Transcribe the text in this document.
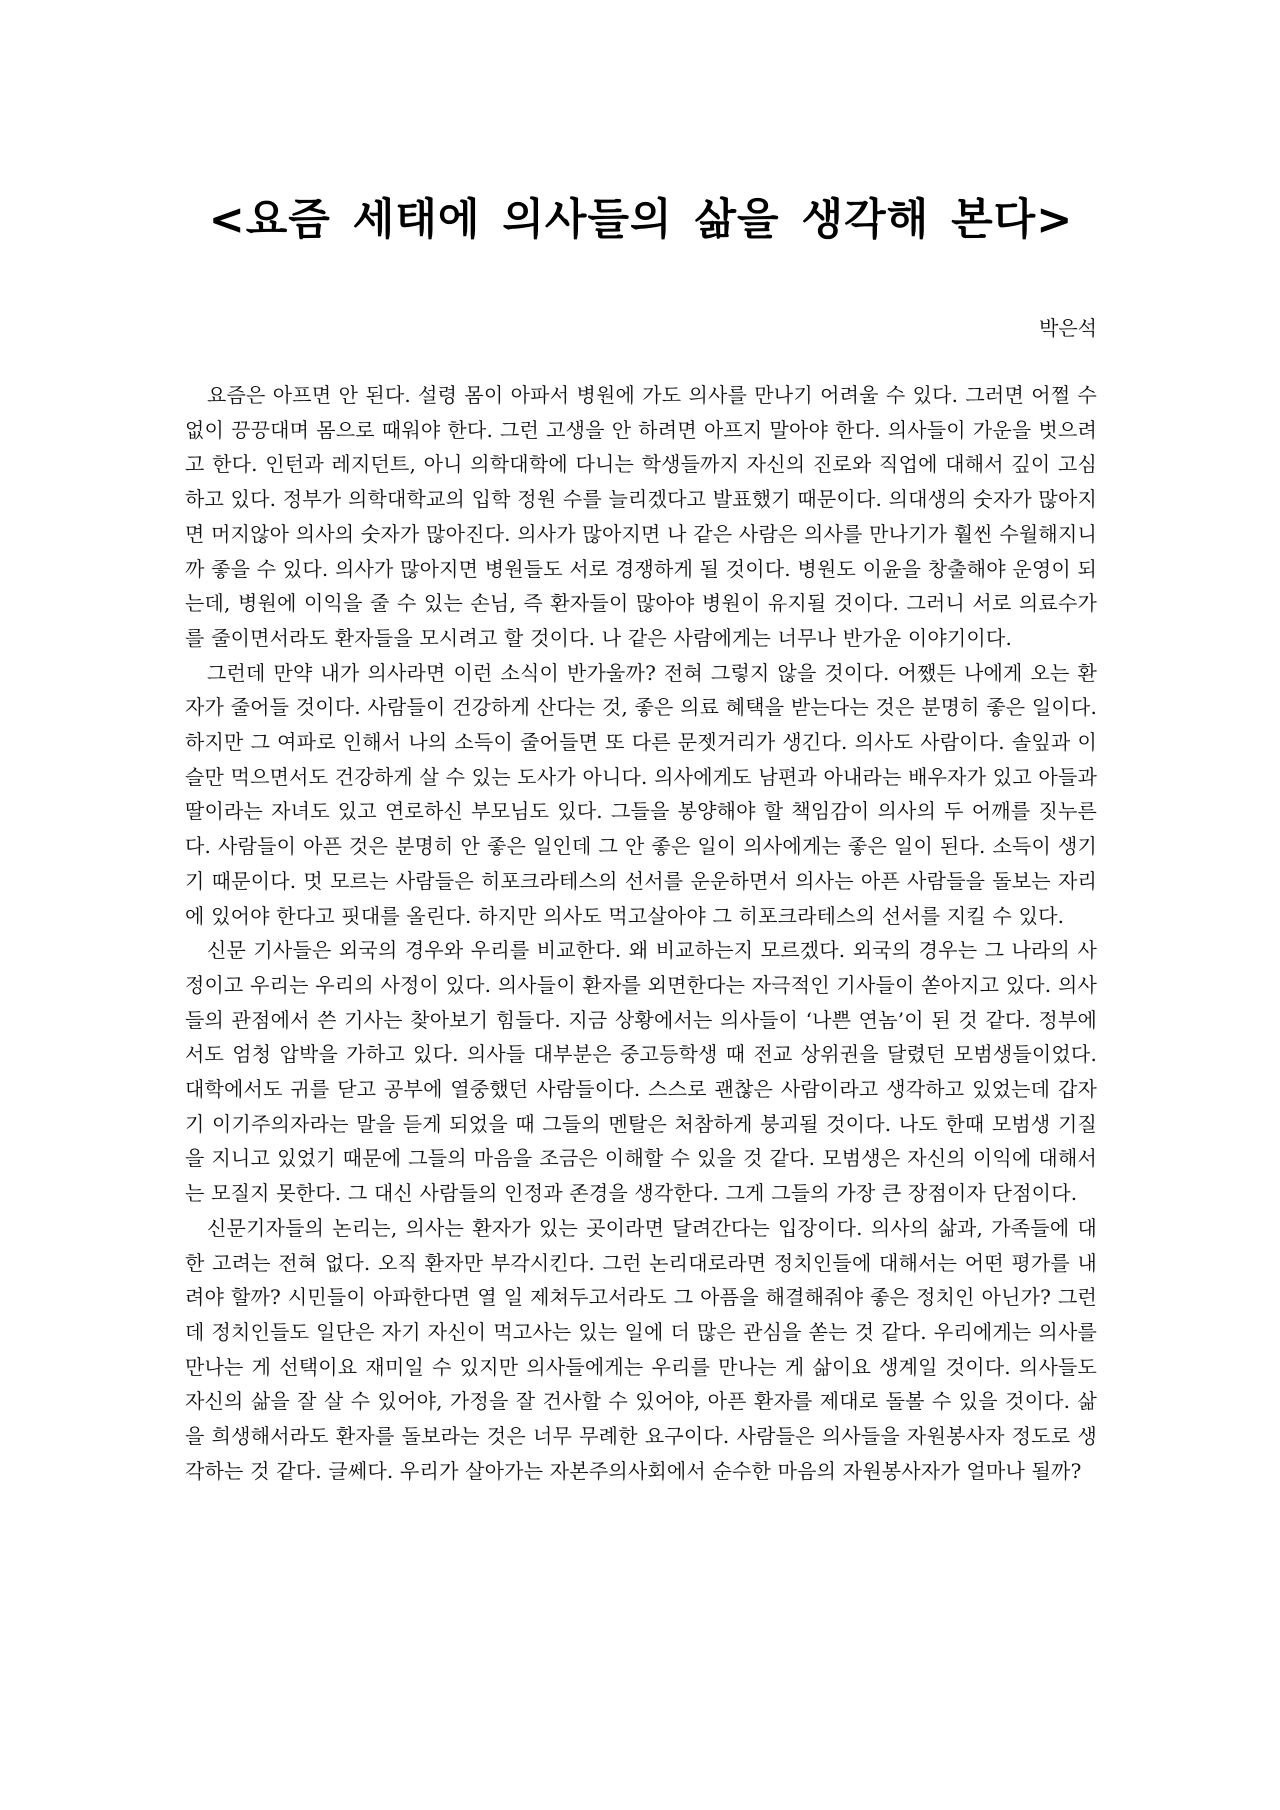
<요즘 세태에 의사들의 삶을 생각해 본다>

박은석

요즘은 아프면 안 된다. 설령 몸이 아파서 병원에 가도 의사를 만나기 어려울 수 있다. 그러면 어쩔 수 없이 끙끙대며 몸으로 때워야 한다. 그런 고생을 안 하려면 아프지 말아야 한다. 의사들이 가운을 벗으려고 한다. 인턴과 레지던트, 아니 의학대학에 다니는 학생들까지 자신의 진로와 직업에 대해서 깊이 고심하고 있다. 정부가 의학대학교의 입학 정원 수를 늘리겠다고 발표했기 때문이다. 의대생의 숫자가 많아지면 머지않아 의사의 숫자가 많아진다. 의사가 많아지면 나 같은 사람은 의사를 만나기가 훨씬 수월해지니까 좋을 수 있다. 의사가 많아지면 병원들도 서로 경쟁하게 될 것이다. 병원도 이윤을 창출해야 운영이 되는데, 병원에 이익을 줄 수 있는 손님, 즉 환자들이 많아야 병원이 유지될 것이다. 그러니 서로 의료수가를 줄이면서라도 환자들을 모시려고 할 것이다. 나 같은 사람에게는 너무나 반가운 이야기이다.

그런데 만약 내가 의사라면 이런 소식이 반가울까? 전혀 그렇지 않을 것이다. 어쨌든 나에게 오는 환자가 줄어들 것이다. 사람들이 건강하게 산다는 것, 좋은 의료 혜택을 받는다는 것은 분명히 좋은 일이다. 하지만 그 여파로 인해서 나의 소득이 줄어들면 또 다른 문젯거리가 생긴다. 의사도 사람이다. 솔잎과 이슬만 먹으면서도 건강하게 살 수 있는 도사가 아니다. 의사에게도 남편과 아내라는 배우자가 있고 아들과 딸이라는 자녀도 있고 연로하신 부모님도 있다. 그들을 봉양해야 할 책임감이 의사의 두 어깨를 짓누른다. 사람들이 아픈 것은 분명히 안 좋은 일인데 그 안 좋은 일이 의사에게는 좋은 일이 된다. 소득이 생기기 때문이다. 멋 모르는 사람들은 히포크라테스의 선서를 운운하면서 의사는 아픈 사람들을 돌보는 자리에 있어야 한다고 핏대를 올린다. 하지만 의사도 먹고살아야 그 히포크라테스의 선서를 지킬 수 있다.

신문 기사들은 외국의 경우와 우리를 비교한다. 왜 비교하는지 모르겠다. 외국의 경우는 그 나라의 사정이고 우리는 우리의 사정이 있다. 의사들이 환자를 외면한다는 자극적인 기사들이 쏟아지고 있다. 의사들의 관점에서 쓴 기사는 찾아보기 힘들다. 지금 상황에서는 의사들이 ‘나쁜 연놈’이 된 것 같다. 정부에서도 엄청 압박을 가하고 있다. 의사들 대부분은 중고등학생 때 전교 상위권을 달렸던 모범생들이었다. 대학에서도 귀를 닫고 공부에 열중했던 사람들이다. 스스로 괜찮은 사람이라고 생각하고 있었는데 갑자기 이기주의자라는 말을 듣게 되었을 때 그들의 멘탈은 처참하게 붕괴될 것이다. 나도 한때 모범생 기질을 지니고 있었기 때문에 그들의 마음을 조금은 이해할 수 있을 것 같다. 모범생은 자신의 이익에 대해서는 모질지 못한다. 그 대신 사람들의 인정과 존경을 생각한다. 그게 그들의 가장 큰 장점이자 단점이다.

신문기자들의 논리는, 의사는 환자가 있는 곳이라면 달려간다는 입장이다. 의사의 삶과, 가족들에 대한 고려는 전혀 없다. 오직 환자만 부각시킨다. 그런 논리대로라면 정치인들에 대해서는 어떤 평가를 내려야 할까? 시민들이 아파한다면 열 일 제쳐두고서라도 그 아픔을 해결해줘야 좋은 정치인 아닌가? 그런데 정치인들도 일단은 자기 자신이 먹고사는 있는 일에 더 많은 관심을 쏟는 것 같다. 우리에게는 의사를 만나는 게 선택이요 재미일 수 있지만 의사들에게는 우리를 만나는 게 삶이요 생계일 것이다. 의사들도 자신의 삶을 잘 살 수 있어야, 가정을 잘 건사할 수 있어야, 아픈 환자를 제대로 돌볼 수 있을 것이다. 삶을 희생해서라도 환자를 돌보라는 것은 너무 무례한 요구이다. 사람들은 의사들을 자원봉사자 정도로 생각하는 것 같다. 글쎄다. 우리가 살아가는 자본주의사회에서 순수한 마음의 자원봉사자가 얼마나 될까?
